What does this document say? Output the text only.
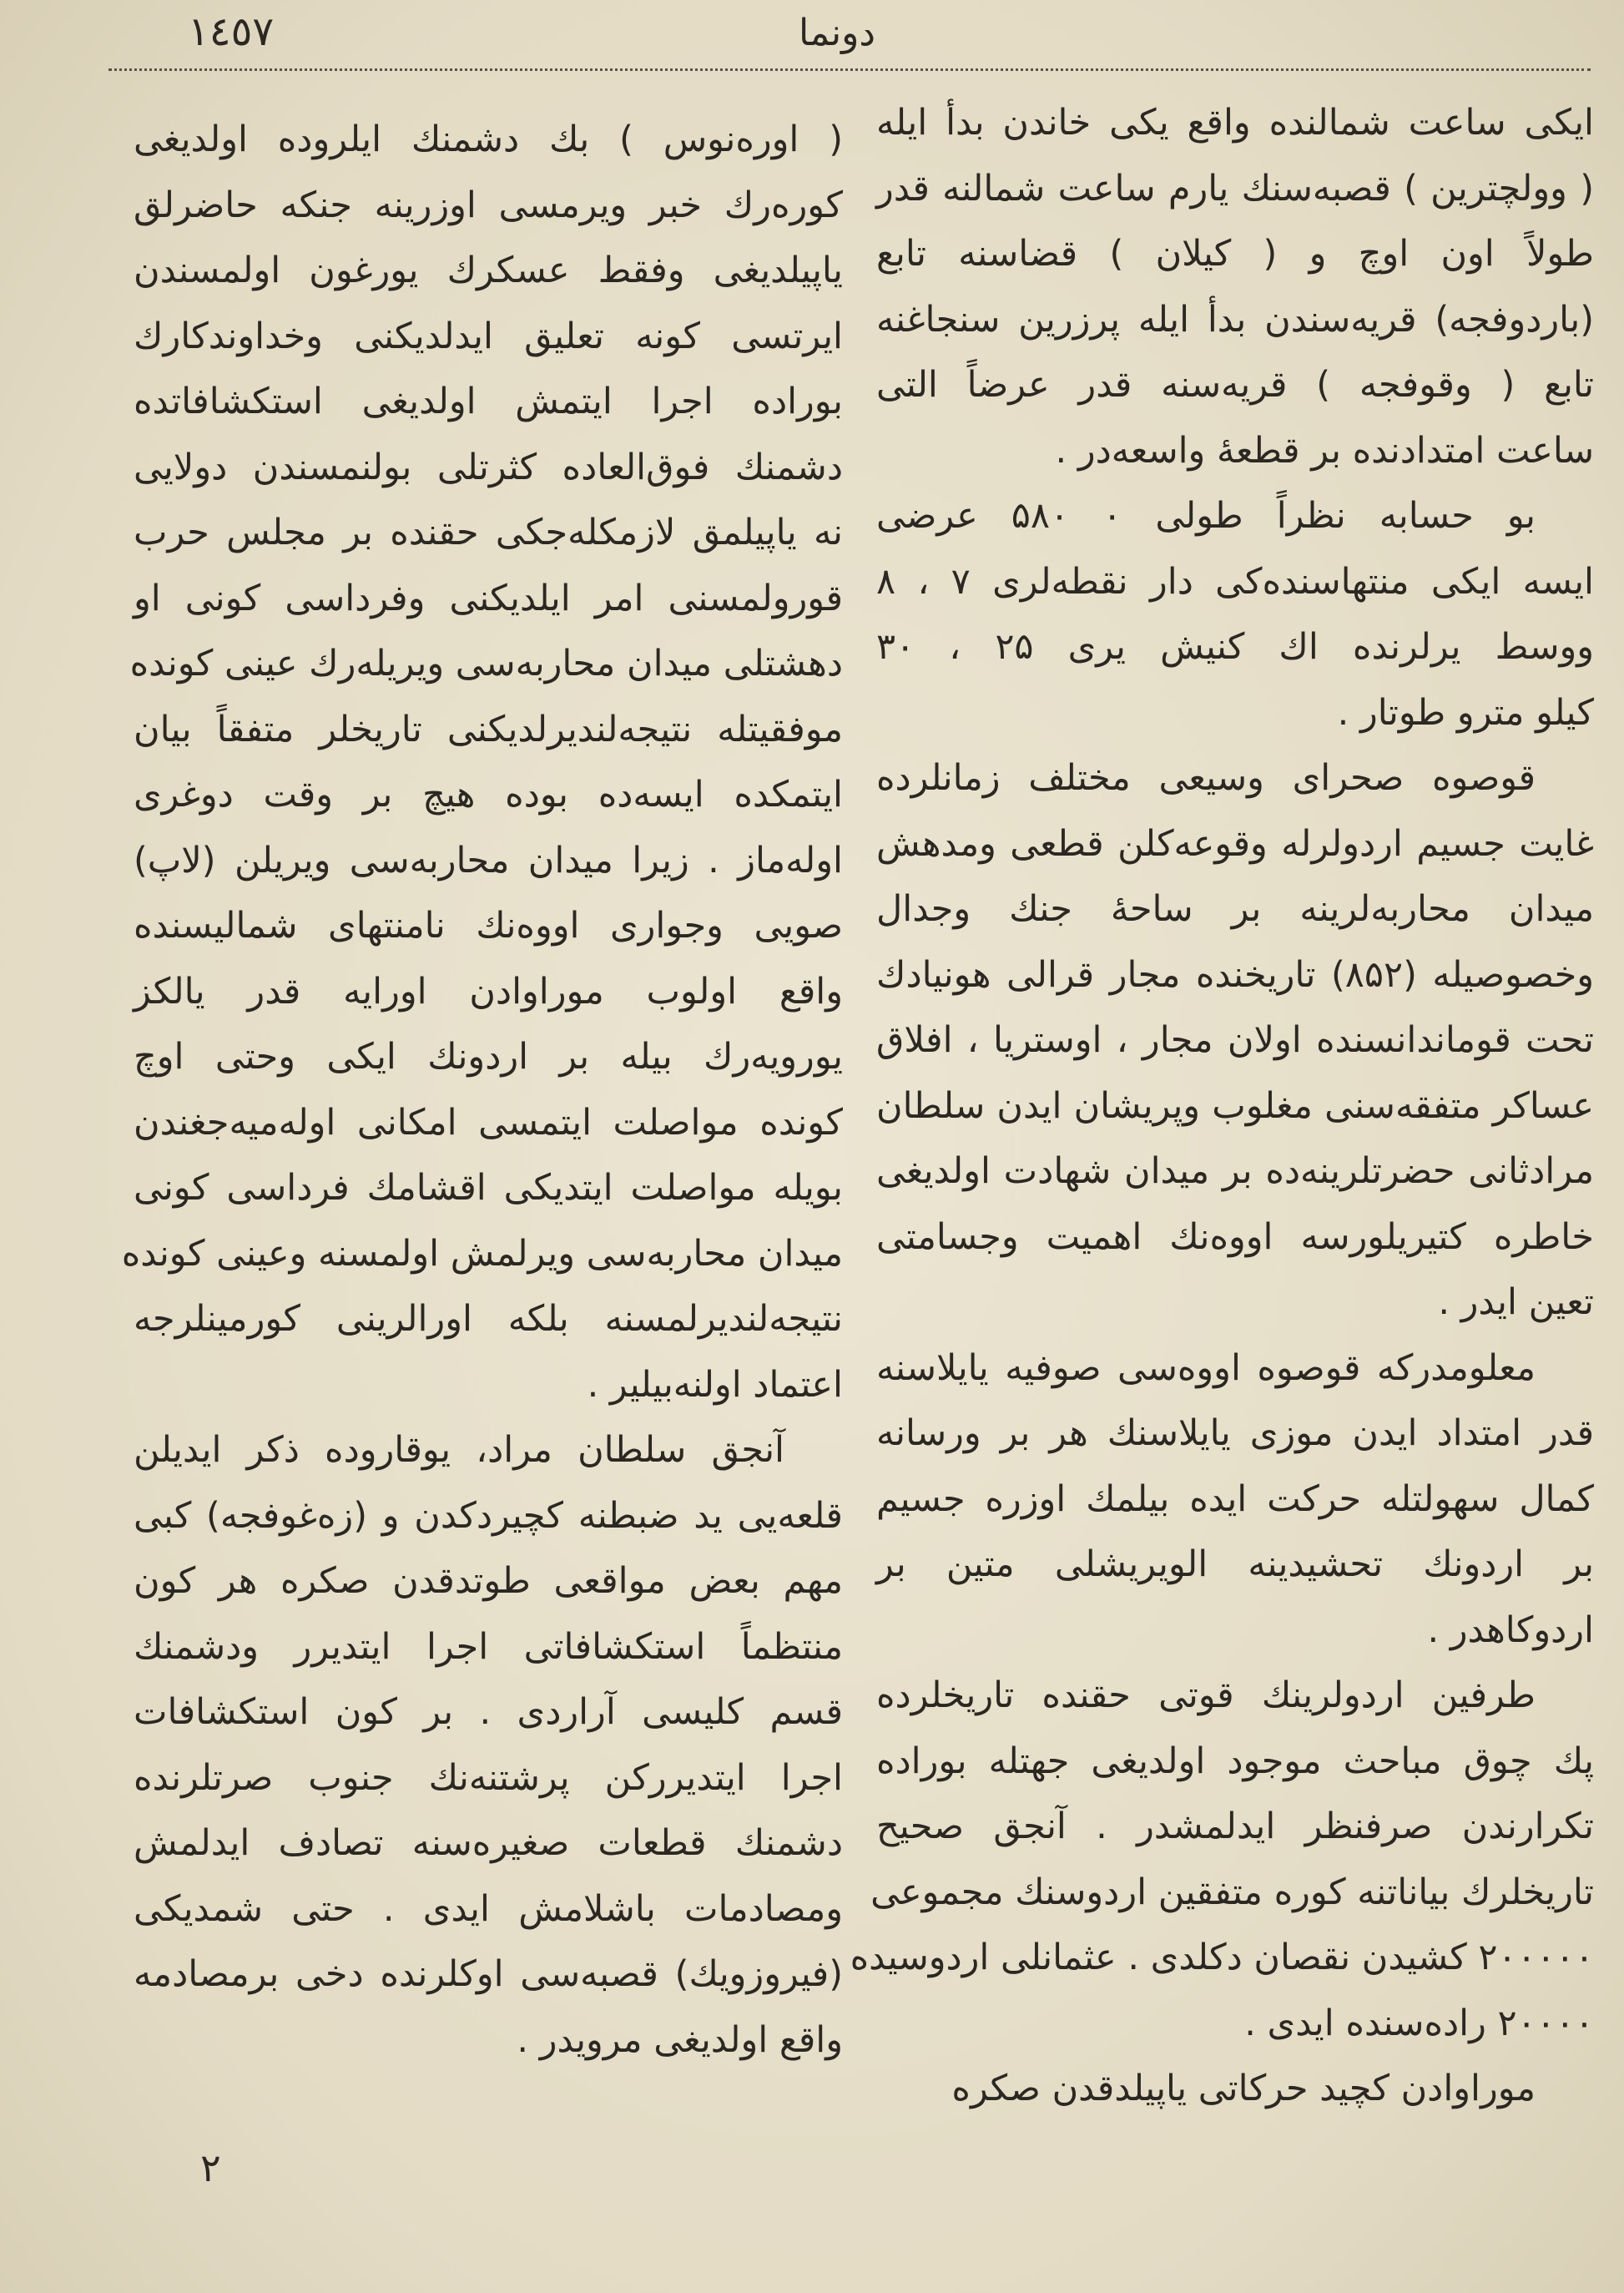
١٤٥٧	دونما
ایکی ساعت شمالنده واقع یکی خاندن بدأ ایله
( وولچترین ) قصبه‌سنك یارم ساعت شمالنه قدر
طولاً اون اوچ و ( کیلان ) قضاسنه تابع
(باردوفجه) قریه‌سندن بدأ ایله پرزرین سنجاغنه
تابع ( وقوفجه ) قریه‌سنه قدر عرضاً التی
ساعت امتدادنده بر قطعهٔ واسعه‌در .
بو حسابه نظراً طولی ۰ ۵۸۰ عرضی
ایسه ایکی منتهاسنده‌کی دار نقطه‌لری ۷ ، ۸
ووسط یرلرنده اك کنیش یری ۲۵ ، ۳۰
کیلو مترو طوتار .
قوصوه صحرای وسیعی مختلف زمانلرده
غایت جسیم اردولرله وقوعه‌کلن قطعی ومدهش
میدان محاربه‌لرینه بر ساحهٔ جنك وجدال
وخصوصیله (۸۵۲) تاریخنده مجار قرالی هونیادك
تحت قوماندانسنده اولان مجار ، اوستریا ، افلاق
عساکر متفقه‌سنی مغلوب وپریشان ایدن سلطان
مرادثانی حضرتلرینه‌ده بر میدان شهادت اولدیغی
خاطره کتیریلورسه اووه‌نك اهمیت وجسامتی
تعین ایدر .
معلومدرکه قوصوه اووه‌سی صوفیه یایلاسنه
قدر امتداد ایدن موزی یایلاسنك هر بر ورسانه
کمال سهولتله حرکت ایده بیلمك اوزره جسیم
بر اردونك تحشیدینه الویریشلی متین بر
اردوکاهدر .
طرفین اردولرینك قوتی حقنده تاریخلرده
پك چوق مباحث موجود اولدیغی جهتله بوراده
تکرارندن صرفنظر ایدلمشدر . آنجق صحیح
تاریخلرك بیاناتنه کوره متفقین اردوسنك مجموعی
۲۰۰۰۰۰ کشیدن نقصان دکلدی . عثمانلی اردوسیده
۲۰۰۰۰ راده‌سنده ایدی .
موراوادن کچید حرکاتی یاپیلدقدن صکره
( اوره‌نوس ) بك دشمنك ایلروده اولدیغی
کوره‌رك خبر ویرمسی اوزرینه جنکه حاضرلق
یاپیلدیغی وفقط عسکرك یورغون اولمسندن
ایرتسی کونه تعلیق ایدلدیکنی وخداوندکارك
بوراده اجرا ایتمش اولدیغی استکشافاتده
دشمنك فوق‌العاده کثرتلی بولنمسندن دولایی
نه یاپیلمق لازمکله‌جکی حقنده بر مجلس حرب
قورولمسنی امر ایلدیکنی وفرداسی کونی او
دهشتلی میدان محاربه‌سی ویریله‌رك عینی کونده
موفقیتله نتیجه‌لندیرلدیکنی تاریخلر متفقاً بیان
ایتمکده ایسه‌ده بوده هیچ بر وقت دوغری
اوله‌ماز . زیرا میدان محاربه‌سی ویریلن (لاپ)
صویی وجواری اووه‌نك نامنتهای شمالیسنده
واقع اولوب موراوادن اورایه قدر یالکز
یورویه‌رك بیله بر اردونك ایکی وحتی اوچ
کونده مواصلت ایتمسی امکانی اوله‌میه‌جغندن
بویله مواصلت ایتدیکی اقشامك فرداسی کونی
میدان محاربه‌سی ویرلمش اولمسنه وعینی کونده
نتیجه‌لندیرلمسنه بلکه اورالرینی کورمینلرجه
اعتماد اولنه‌بیلیر .
آنجق سلطان مراد، یوقاروده ذکر ایدیلن
قلعه‌یی ید ضبطنه کچیردکدن و (زه‌غوفجه) کبی
مهم بعض مواقعی طوتدقدن صکره هر کون
منتظماً استکشافاتی اجرا ایتدیرر ودشمنك
قسم کلیسی آراردی . بر کون استکشافات
اجرا ایتدیررکن پرشتنه‌نك جنوب صرتلرنده
دشمنك قطعات صغیره‌سنه تصادف ایدلمش
ومصادمات باشلامش ایدی . حتی شمدیکی
(فیروزویك) قصبه‌سی اوکلرنده دخی برمصادمه
واقع اولدیغی مرویدر .
٢
